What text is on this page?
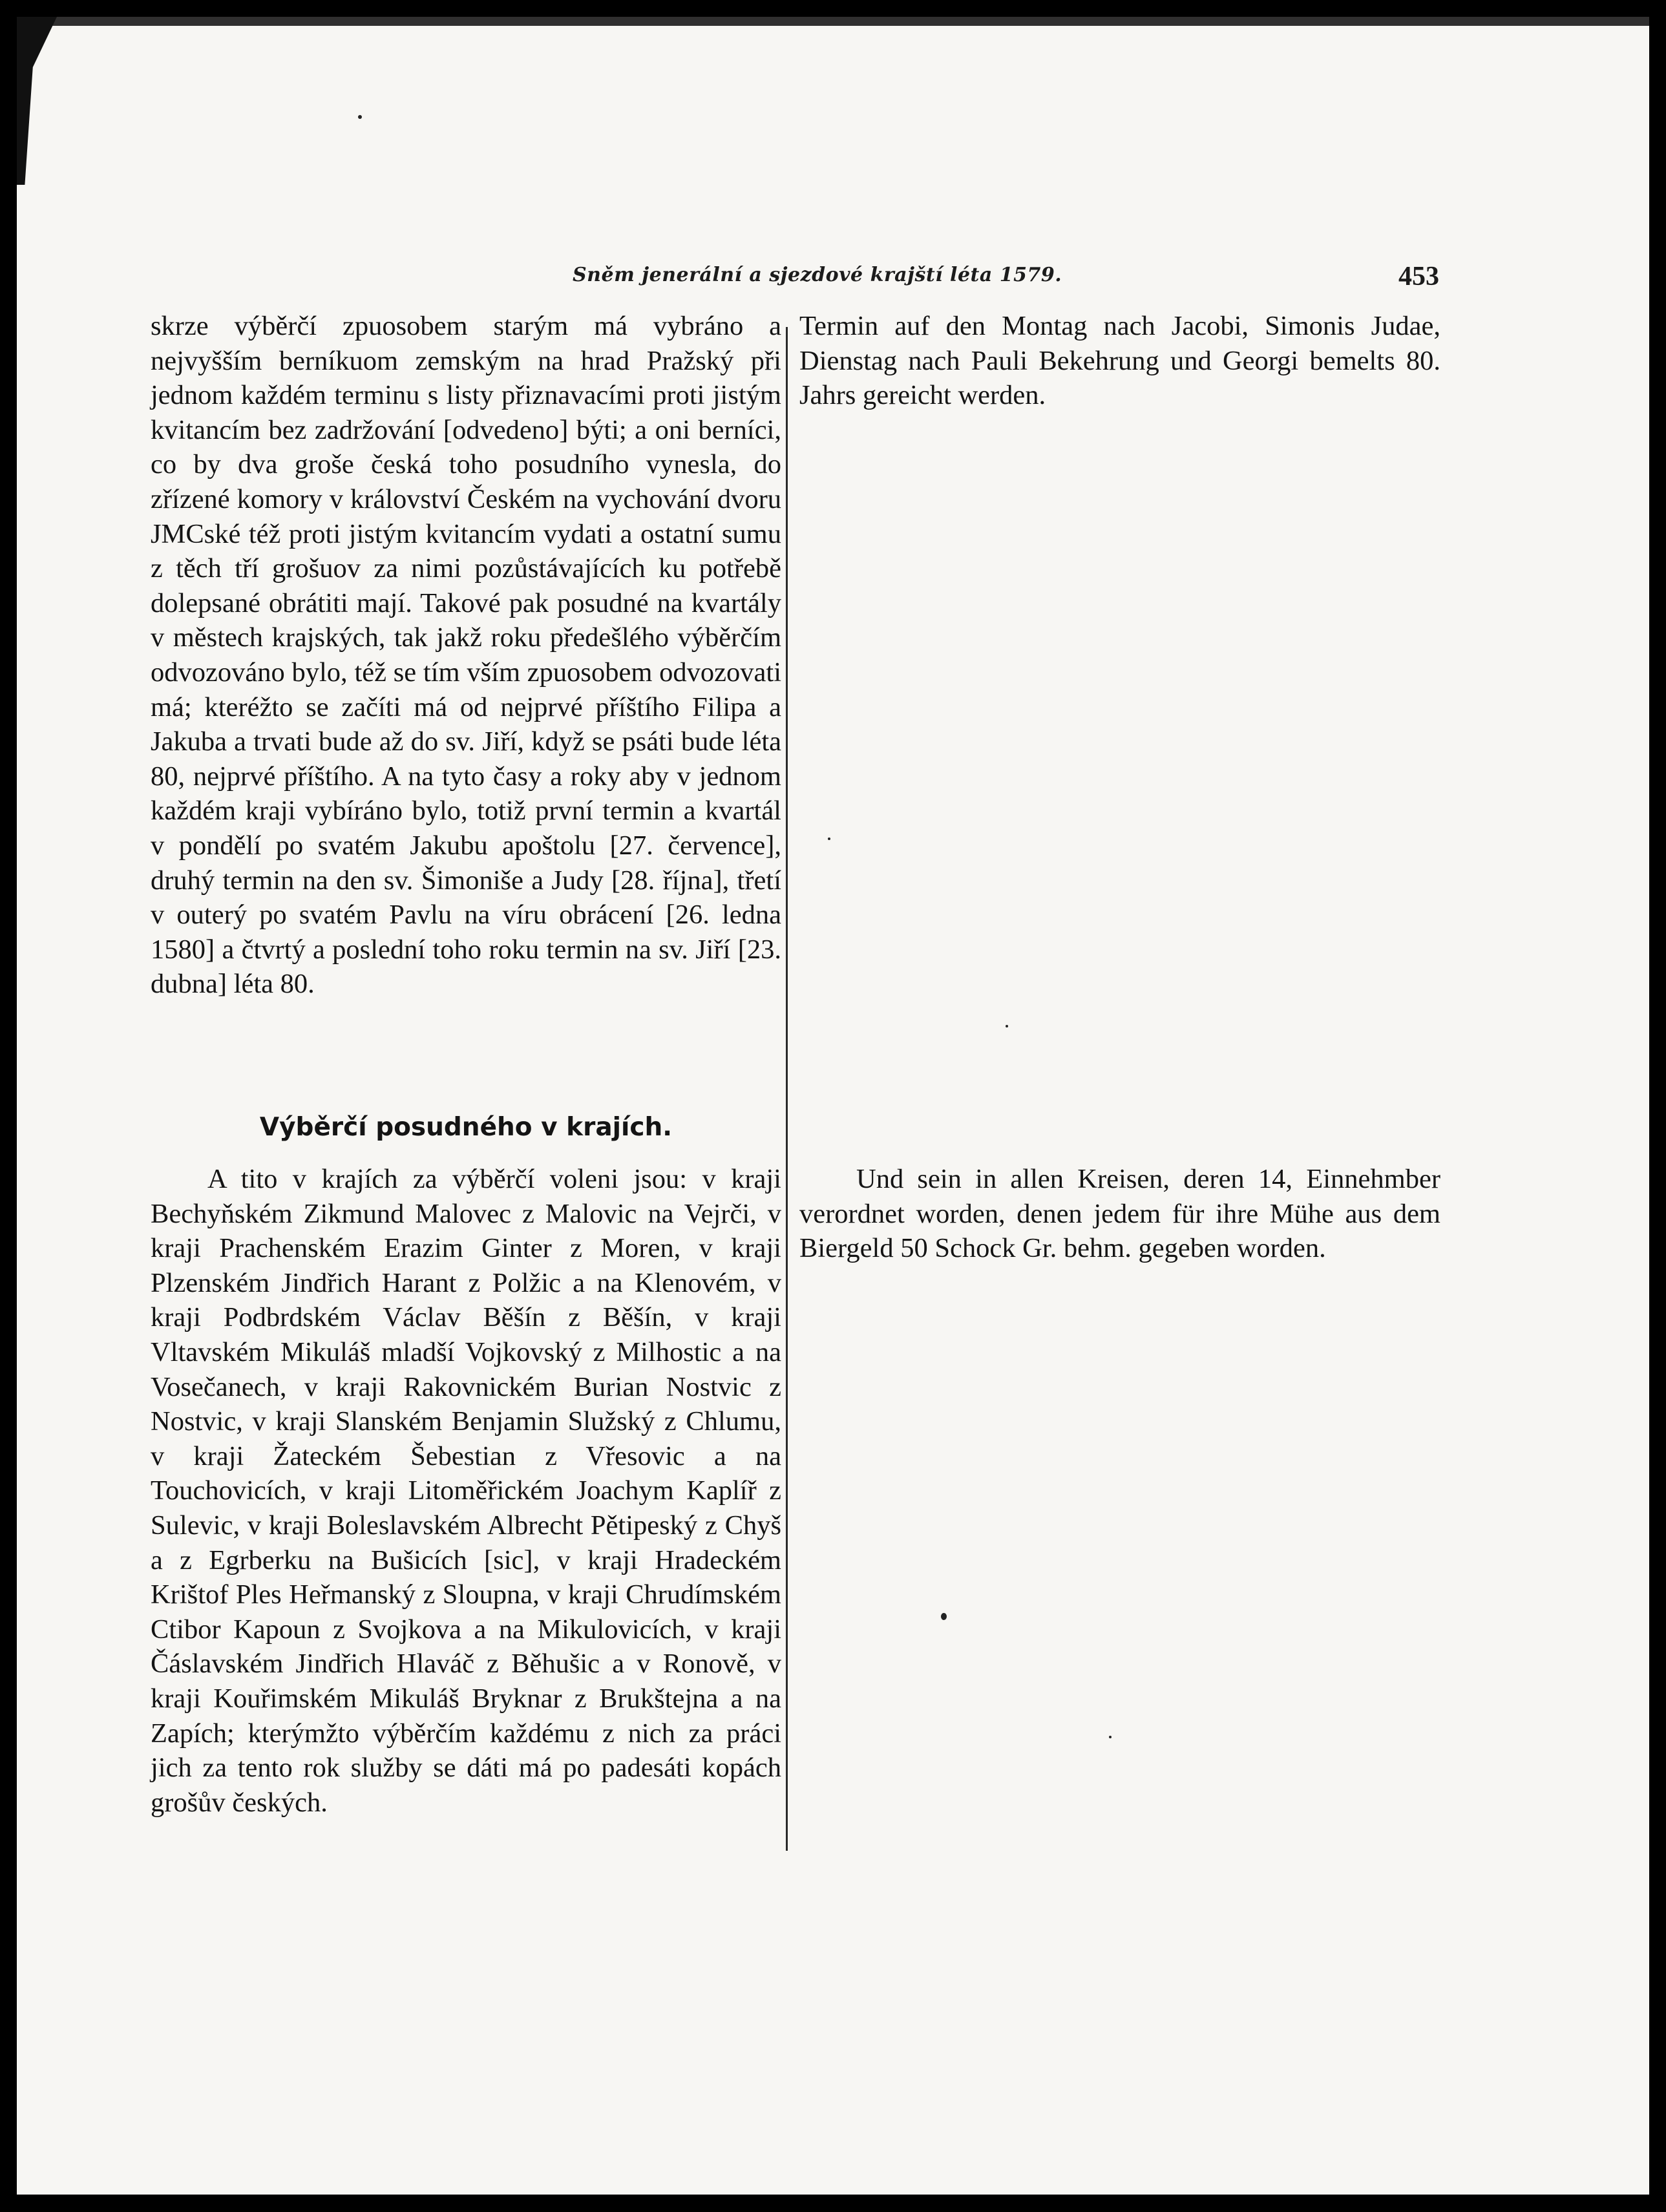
Sněm jenerální a sjezdové krajští léta 1579.	453

skrze výběrčí zpuosobem starým má vybráno a nejvyšším berníkuom zemským na hrad Pražský při jednom každém terminu s listy přiznavacími proti jistým kvitancím bez zadržování [odvedeno] býti; a oni berníci, co by dva groše česká toho posudního vynesla, do zřízené komory v království Českém na vychování dvoru JMCské též proti jistým kvitancím vydati a ostatní sumu z těch tří grošuov za nimi pozůstávajících ku potřebě dolepsané obrátiti mají. Takové pak posudné na kvartály v městech krajských, tak jakž roku předešlého výběrčím odvozováno bylo, též se tím vším zpuosobem odvozovati má; kteréžto se začíti má od nejprvé příštího Filipa a Jakuba a trvati bude až do sv. Jiří, když se psáti bude léta 80, nejprvé příštího. A na tyto časy a roky aby v jednom každém kraji vybíráno bylo, totiž první termin a kvartál v pondělí po svatém Jakubu apoštolu [27. července], druhý termin na den sv. Šimoniše a Judy [28. října], třetí v outerý po svatém Pavlu na víru obrácení [26. ledna 1580] a čtvrtý a poslední toho roku termin na sv. Jiří [23. dubna] léta 80.

Výběrčí posudného v krajích.

A tito v krajích za výběrčí voleni jsou: v kraji Bechyňském Zikmund Malovec z Malovic na Vejrči, v kraji Prachenském Erazim Ginter z Moren, v kraji Plzenském Jindřich Harant z Polžic a na Klenovém, v kraji Podbrdském Václav Běšín z Běšín, v kraji Vltavském Mikuláš mladší Vojkovský z Milhostic a na Vosečanech, v kraji Rakovnickém Burian Nostvic z Nostvic, v kraji Slanském Benjamin Služský z Chlumu, v kraji Žateckém Šebestian z Vřesovic a na Touchovicích, v kraji Litoměřickém Joachym Kaplíř z Sulevic, v kraji Boleslavském Albrecht Pětipeský z Chyš a z Egrberku na Bušicích [sic], v kraji Hradeckém Krištof Ples Heřmanský z Sloupna, v kraji Chrudímském Ctibor Kapoun z Svojkova a na Mikulovicích, v kraji Čáslavském Jindřich Hlaváč z Běhušic a v Ronově, v kraji Kouřimském Mikuláš Bryknar z Brukštejna a na Zapích; kterýmžto výběrčím každému z nich za práci jich za tento rok služby se dáti má po padesáti kopách grošův českých.

Termin auf den Montag nach Jacobi, Simonis Judae, Dienstag nach Pauli Bekehrung und Georgi bemelts 80. Jahrs gereicht werden.

Und sein in allen Kreisen, deren 14, Einnehmber verordnet worden, denen jedem für ihre Mühe aus dem Biergeld 50 Schock Gr. behm. gegeben worden.
